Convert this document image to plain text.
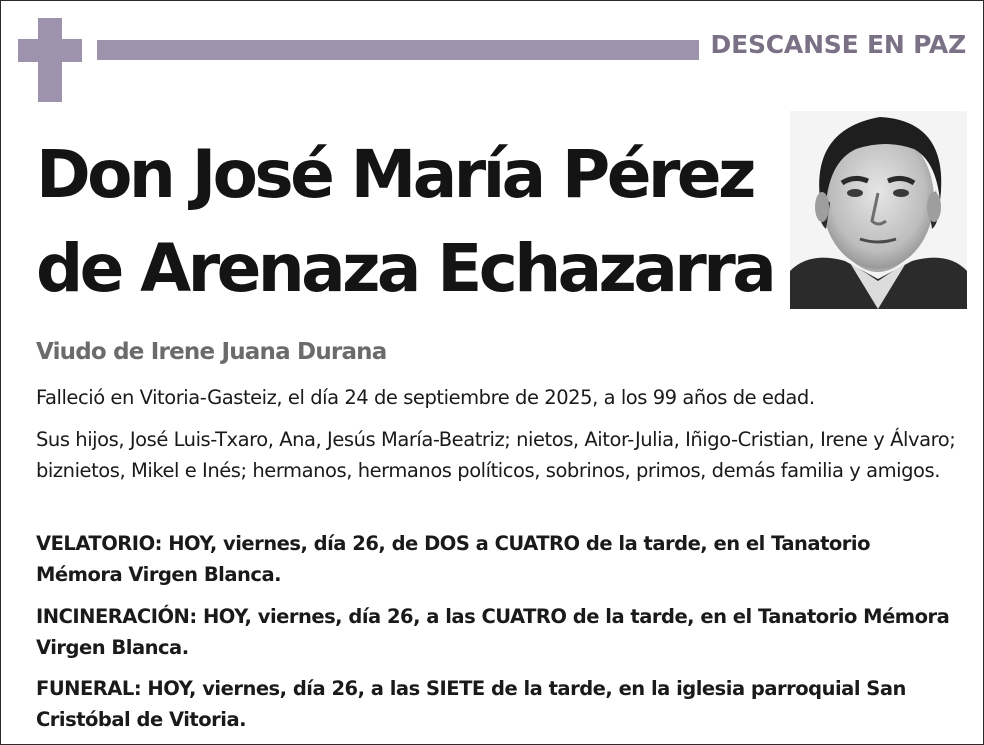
DESCANSE EN PAZ
Don José María Pérez
de Arenaza Echazarra
Viudo de Irene Juana Durana

Falleció en Vitoria-Gasteiz, el día 24 de septiembre de 2025, a los 99 años de edad.

Sus hijos, José Luis-Txaro, Ana, Jesús María-Beatriz; nietos, Aitor-Julia, Iñigo-Cristian, Irene y Álvaro; biznietos, Mikel e Inés; hermanos, hermanos políticos, sobrinos, primos, demás familia y amigos.

VELATORIO: HOY, viernes, día 26, de DOS a CUATRO de la tarde, en el Tanatorio Mémora Virgen Blanca.

INCINERACIÓN: HOY, viernes, día 26, a las CUATRO de la tarde, en el Tanatorio Mémora Virgen Blanca.

FUNERAL: HOY, viernes, día 26, a las SIETE de la tarde, en la iglesia parroquial San Cristóbal de Vitoria.
